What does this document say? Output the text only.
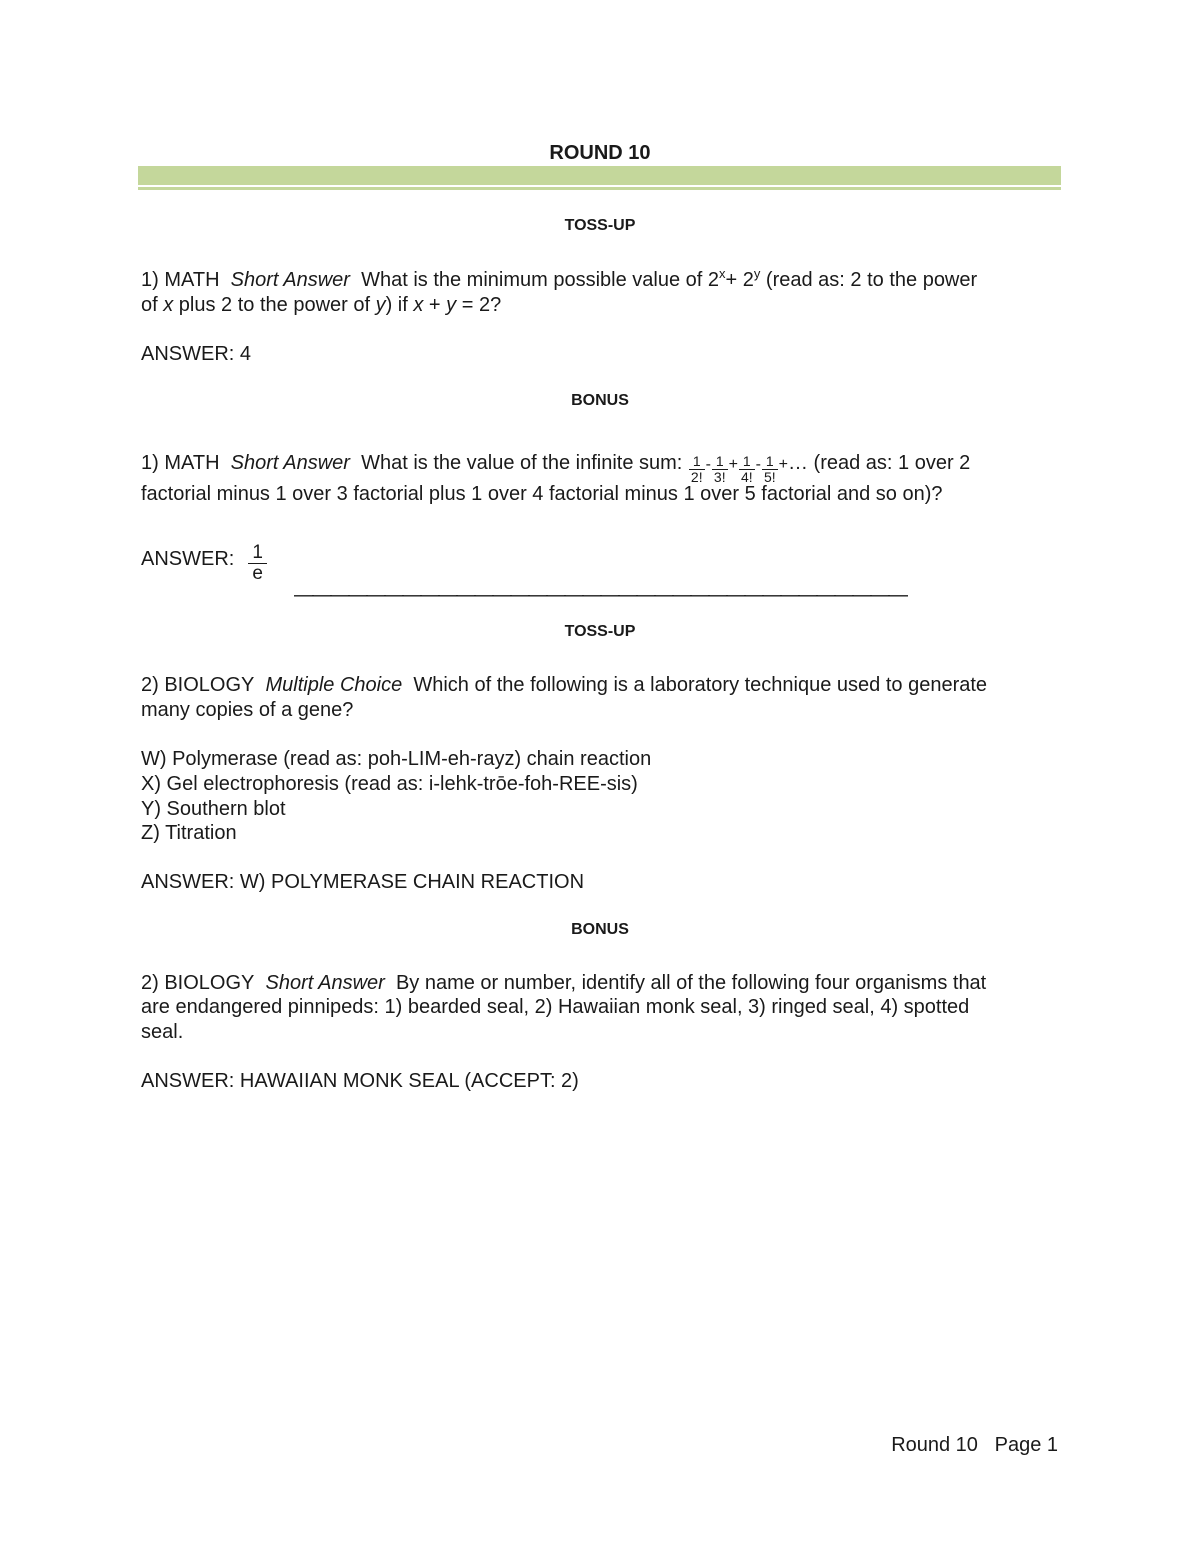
ROUND 10
TOSS-UP
1) MATH Short Answer What is the minimum possible value of $2^x+ 2^y$ (read as: 2 to the power
of x plus 2 to the power of y) if x + y = 2?
ANSWER: 4
BONUS
1) MATH Short Answer What is the value of the infinite sum: $\frac{1}{2!} - \frac{1}{3!} + \frac{1}{4!} - \frac{1}{5!}$ +… (read as: 1 over 2
factorial minus 1 over 3 factorial plus 1 over 4 factorial minus 1 over 5 factorial and so on)?
ANSWER: $\frac{1}{e}$
——————————————————————————————————
TOSS-UP
2) BIOLOGY Multiple Choice Which of the following is a laboratory technique used to generate
many copies of a gene?
W) Polymerase (read as: poh-LIM-eh-rayz) chain reaction
X) Gel electrophoresis (read as: i-lehk-trōe-foh-REE-sis)
Y) Southern blot
Z) Titration
ANSWER: W) POLYMERASE CHAIN REACTION
BONUS
2) BIOLOGY Short Answer By name or number, identify all of the following four organisms that
are endangered pinnipeds: 1) bearded seal, 2) Hawaiian monk seal, 3) ringed seal, 4) spotted
seal.
ANSWER: HAWAIIAN MONK SEAL (ACCEPT: 2)
Round 10 Page 1
